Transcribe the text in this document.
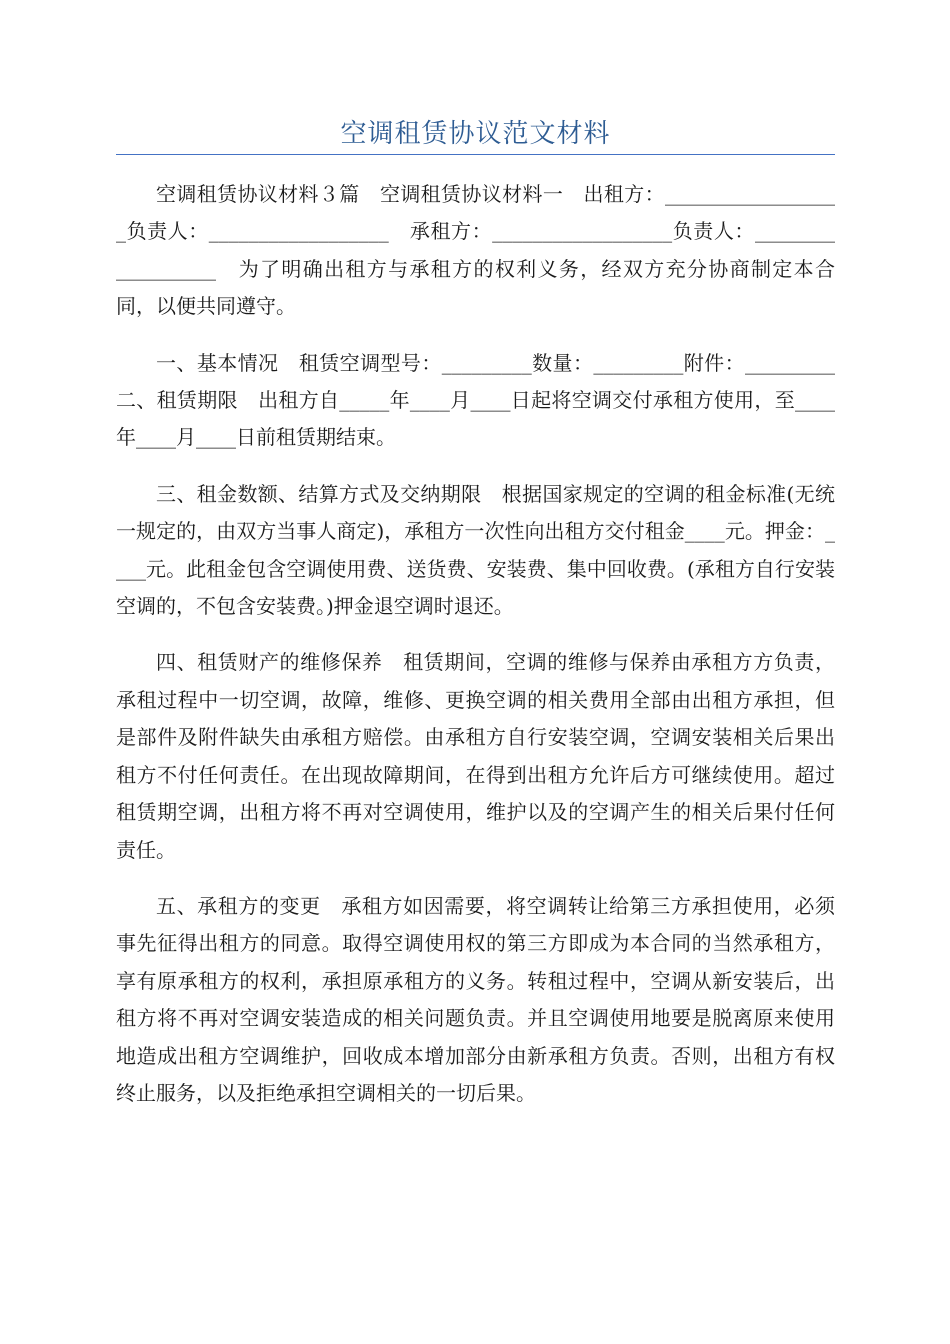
空调租赁协议范文材料

空调租赁协议材料３篇　空调租赁协议材料一　出租方：__________________负责人：__________________　承租方：__________________负责人：__________________　为了明确出租方与承租方的权利义务，经双方充分协商制定本合同，以便共同遵守。

一、基本情况　租赁空调型号：_________数量：_________附件：_________　二、租赁期限　出租方自_____年____月____日起将空调交付承租方使用，至____年____月____日前租赁期结束。

三、租金数额、结算方式及交纳期限　根据国家规定的空调的租金标准(无统一规定的，由双方当事人商定)，承租方一次性向出租方交付租金____元。押金：____元。此租金包含空调使用费、送货费、安装费、集中回收费。(承租方自行安装空调的，不包含安装费。)押金退空调时退还。

四、租赁财产的维修保养　租赁期间，空调的维修与保养由承租方方负责，承租过程中一切空调，故障，维修、更换空调的相关费用全部由出租方承担，但是部件及附件缺失由承租方赔偿。由承租方自行安装空调，空调安装相关后果出租方不付任何责任。在出现故障期间，在得到出租方允许后方可继续使用。超过租赁期空调，出租方将不再对空调使用，维护以及的空调产生的相关后果付任何责任。

五、承租方的变更　承租方如因需要，将空调转让给第三方承担使用，必须事先征得出租方的同意。取得空调使用权的第三方即成为本合同的当然承租方，享有原承租方的权利，承担原承租方的义务。转租过程中，空调从新安装后，出租方将不再对空调安装造成的相关问题负责。并且空调使用地要是脱离原来使用地造成出租方空调维护，回收成本增加部分由新承租方负责。否则，出租方有权终止服务，以及拒绝承担空调相关的一切后果。
